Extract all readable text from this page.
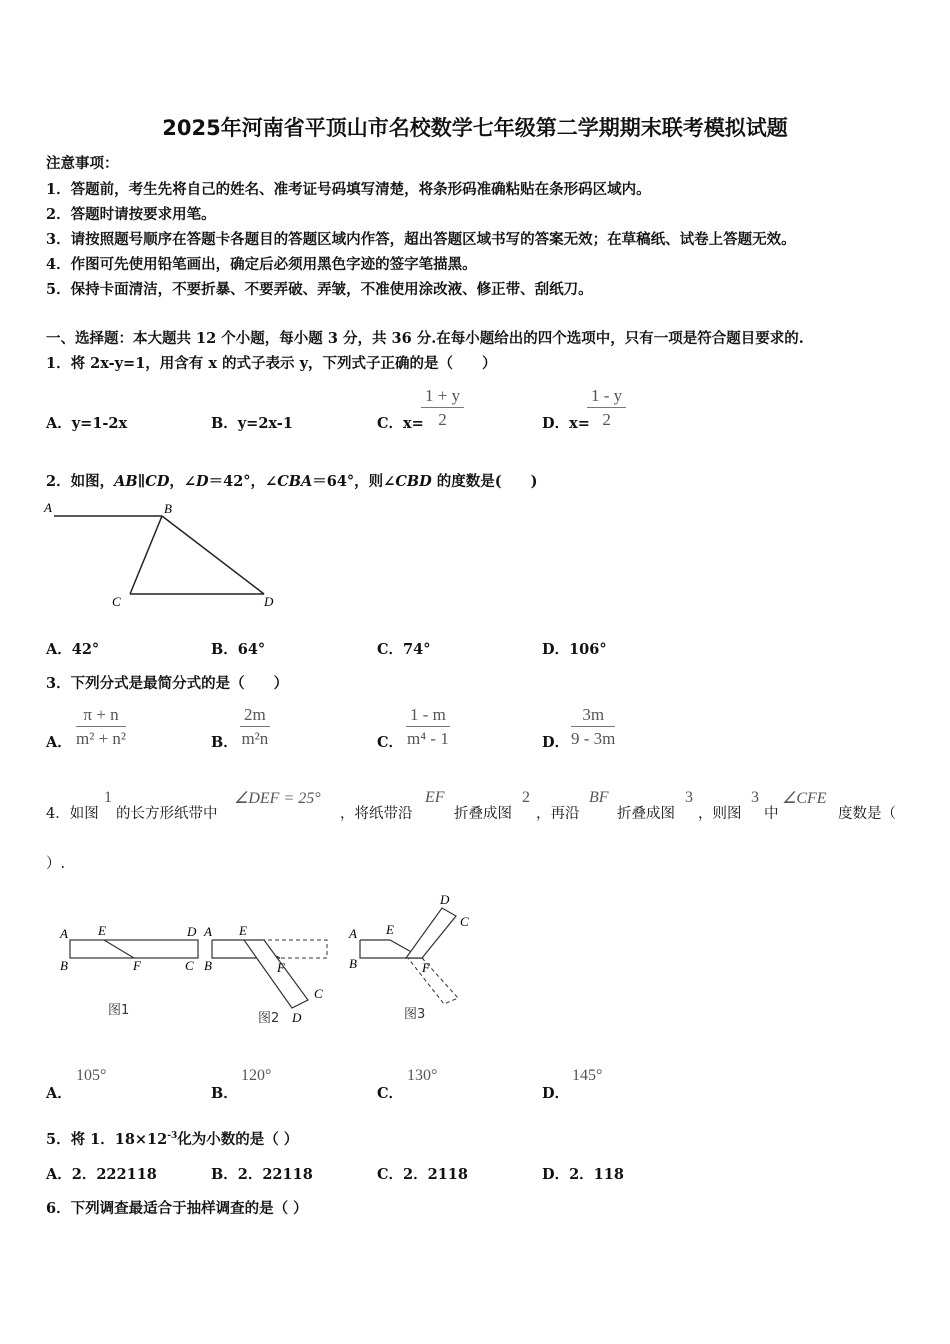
2025年河南省平顶山市名校数学七年级第二学期期末联考模拟试题
注意事项：
1．答题前，考生先将自己的姓名、准考证号码填写清楚，将条形码准确粘贴在条形码区域内。
2．答题时请按要求用笔。
3．请按照题号顺序在答题卡各题目的答题区域内作答，超出答题区域书写的答案无效；在草稿纸、试卷上答题无效。
4．作图可先使用铅笔画出，确定后必须用黑色字迹的签字笔描黑。
5．保持卡面清洁，不要折暴、不要弄破、弄皱，不准使用涂改液、修正带、刮纸刀。
一、选择题：本大题共 12 个小题，每小题 3 分，共 36 分.在每小题给出的四个选项中，只有一项是符合题目要求的.
1．将 2x-y=1，用含有 x 的式子表示 y，下列式子正确的是（　　）
A．y=1-2x	B．y=2x-1	C．x=
$\frac{1 + y}{2}$	D．x=
$\frac{1 - y}{2}$
2．如图，AB∥CD，∠D＝42°，∠CBA＝64°，则∠CBD 的度数是(　　)
A	B
C	D
A．42°	B．64°	C．74°	D．106°
3．下列分式是最简分式的是（　　）
A． $\frac{\pi + n}{\text{m² + n²}}$	B． $\frac{2m}{\text{m²n}}$	C． $\frac{1 - m}{\text{m⁴ - 1}}$	D． $\frac{3m}{9 - 3m}$
4．如图
1
的长方形纸带中
∠DEF = 25°
，将纸带沿
EF
折叠成图
2
，再沿
BF
折叠成图
3
，则图
3
中
∠CFE
度数是（
）.
A E	D
B	F	C
图1
A E
B	F
C
D
图2
A E
D
C
B	F
图3
A．
105°
B．
120°
C．
130°
D．
145°
5．将 1．$18\times 12^{-3}$化为小数的是（ ）
A．2．222118	B．2．22118	C．2．2118	D．2．118
6．下列调查最适合于抽样调查的是（ ）
